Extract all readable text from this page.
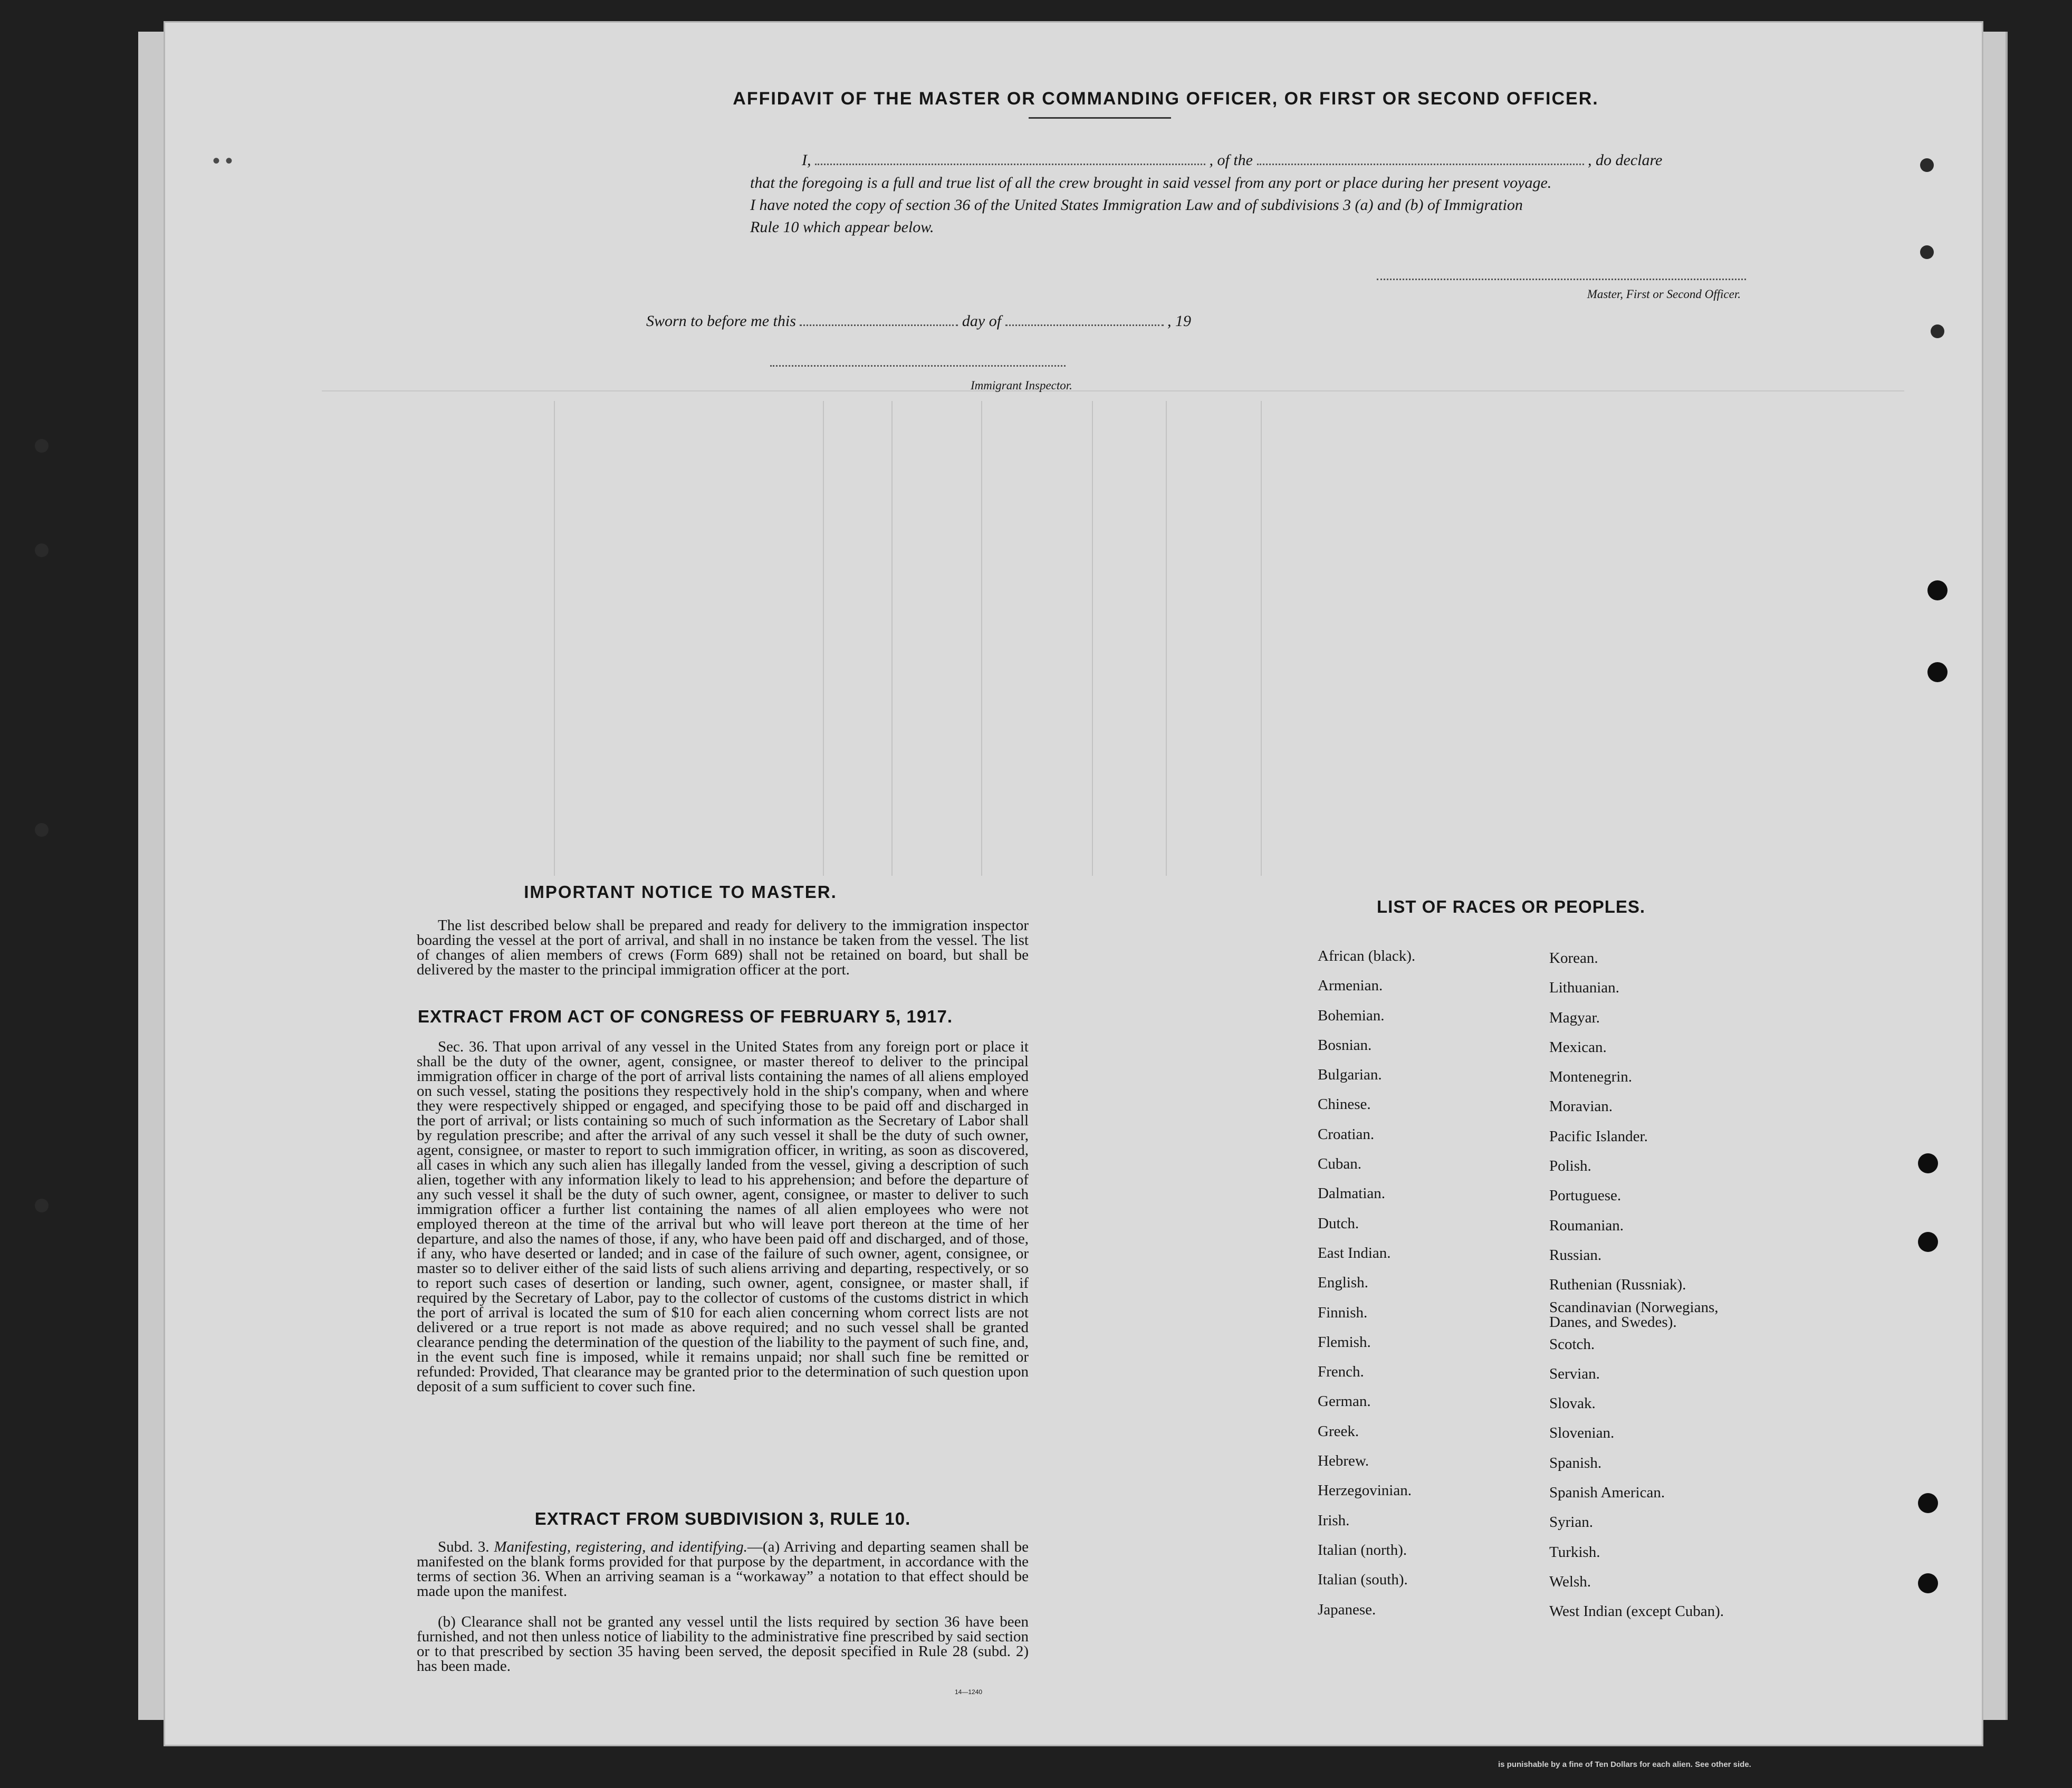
AFFIDAVIT OF THE MASTER OR COMMANDING OFFICER, OR FIRST OR SECOND OFFICER.
I,	, of the	, do declare
that the foregoing is a full and true list of all the crew brought in said vessel from any port or place during her present voyage.
I have noted the copy of section 36 of the United States Immigration Law and of subdivisions 3 (a) and (b) of Immigration
Rule 10 which appear below.
Master, First or Second Officer.
Sworn to before me this	day of	, 19
Immigrant Inspector.
IMPORTANT NOTICE TO MASTER.

The list described below shall be prepared and ready for delivery to the immigration inspector boarding the vessel at the port of arrival, and shall in no instance be taken from the vessel. The list of changes of alien members of crews (Form 689) shall not be retained on board, but shall be delivered by the master to the principal immigration officer at the port.

EXTRACT FROM ACT OF CONGRESS OF FEBRUARY 5, 1917.

Sec. 36. That upon arrival of any vessel in the United States from any foreign port or place it shall be the duty of the owner, agent, consignee, or master thereof to deliver to the principal immigration officer in charge of the port of arrival lists containing the names of all aliens employed on such vessel, stating the positions they respectively hold in the ship's company, when and where they were respectively shipped or engaged, and specifying those to be paid off and discharged in the port of arrival; or lists containing so much of such information as the Secretary of Labor shall by regulation prescribe; and after the arrival of any such vessel it shall be the duty of such owner, agent, consignee, or master to report to such immigration officer, in writing, as soon as discovered, all cases in which any such alien has illegally landed from the vessel, giving a description of such alien, together with any information likely to lead to his apprehension; and before the departure of any such vessel it shall be the duty of such owner, agent, consignee, or master to deliver to such immigration officer a further list containing the names of all alien employees who were not employed thereon at the time of the arrival but who will leave port thereon at the time of her departure, and also the names of those, if any, who have been paid off and discharged, and of those, if any, who have deserted or landed; and in case of the failure of such owner, agent, consignee, or master so to deliver either of the said lists of such aliens arriving and departing, respectively, or so to report such cases of desertion or landing, such owner, agent, consignee, or master shall, if required by the Secretary of Labor, pay to the collector of customs of the customs district in which the port of arrival is located the sum of $10 for each alien concerning whom correct lists are not delivered or a true report is not made as above required; and no such vessel shall be granted clearance pending the determination of the question of the liability to the payment of such fine, and, in the event such fine is imposed, while it remains unpaid; nor shall such fine be remitted or refunded: Provided, That clearance may be granted prior to the determination of such question upon deposit of a sum sufficient to cover such fine.

EXTRACT FROM SUBDIVISION 3, RULE 10.

Subd. 3. Manifesting, registering, and identifying.—(a) Arriving and departing seamen shall be manifested on the blank forms provided for that purpose by the department, in accordance with the terms of section 36. When an arriving seaman is a “workaway” a notation to that effect should be made upon the manifest.

(b) Clearance shall not be granted any vessel until the lists required by section 36 have been furnished, and not then unless notice of liability to the administrative fine prescribed by said section or to that prescribed by section 35 having been served, the deposit specified in Rule 28 (subd. 2) has been made.

14—1240
LIST OF RACES OR PEOPLES.
African (black).
Armenian.
Bohemian.
Bosnian.
Bulgarian.
Chinese.
Croatian.
Cuban.
Dalmatian.
Dutch.
East Indian.
English.
Finnish.
Flemish.
French.
German.
Greek.
Hebrew.
Herzegovinian.
Irish.
Italian (north).
Italian (south).
Japanese.
Korean.
Lithuanian.
Magyar.
Mexican.
Montenegrin.
Moravian.
Pacific Islander.
Polish.
Portuguese.
Roumanian.
Russian.
Ruthenian (Russniak).
Scandinavian (Norwegians, Danes, and Swedes).
Scotch.
Servian.
Slovak.
Slovenian.
Spanish.
Spanish American.
Syrian.
Turkish.
Welsh.
West Indian (except Cuban).
••
is punishable by a fine of Ten Dollars for each alien. See other side.
